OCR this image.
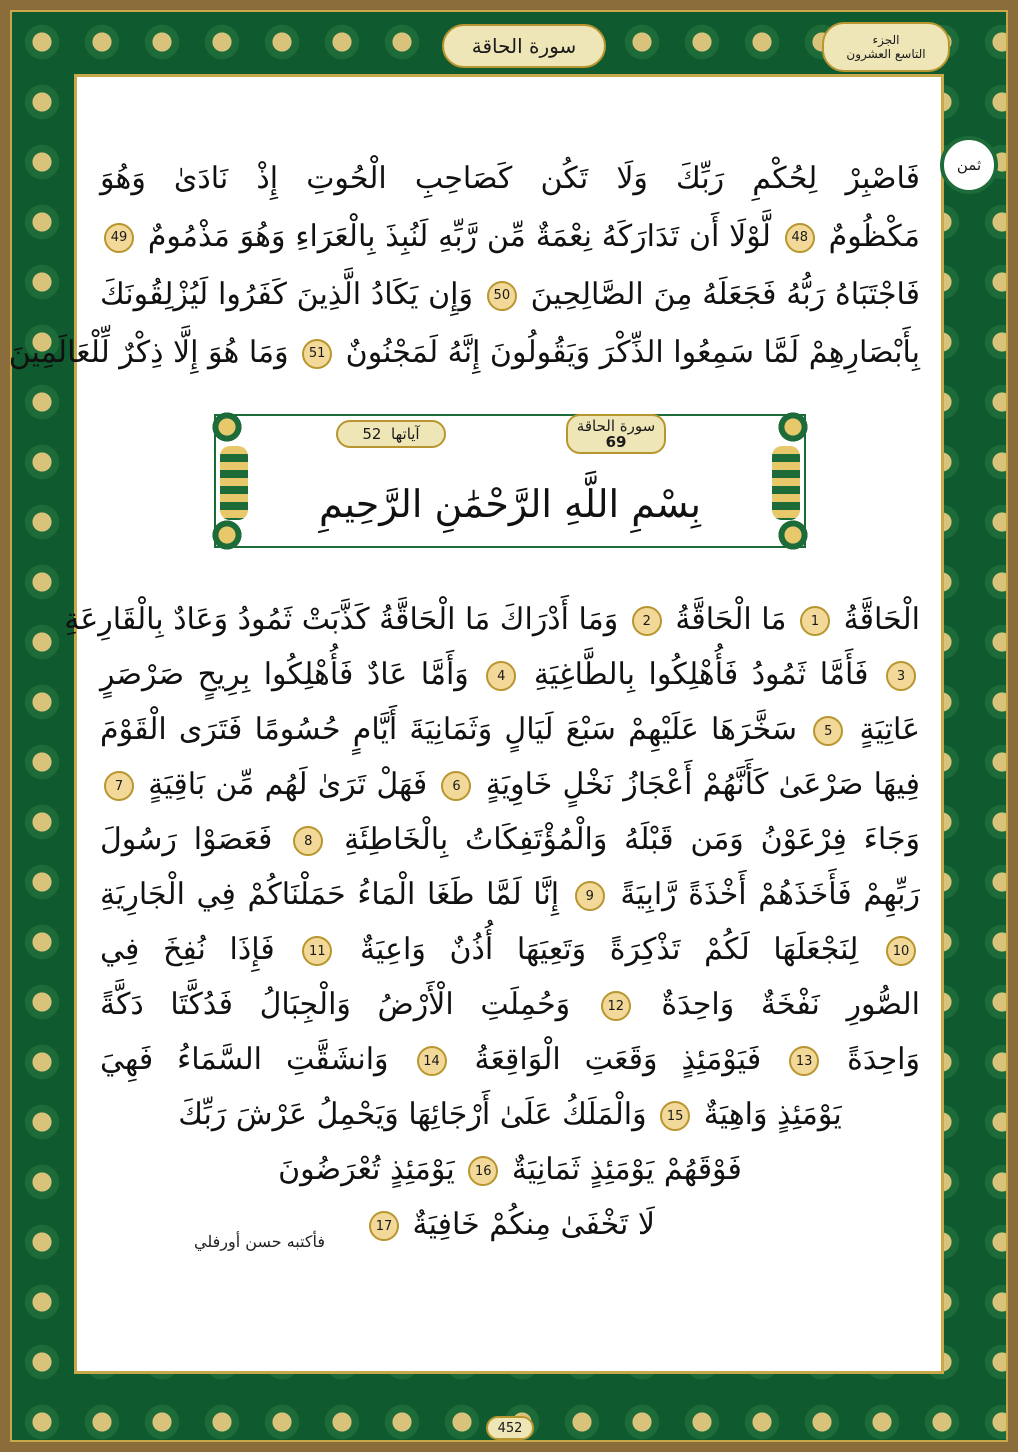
سورة الحاقة	الجزء
التاسع العشرون
ثمن
فَاصْبِرْ لِحُكْمِ رَبِّكَ وَلَا تَكُن كَصَاحِبِ الْحُوتِ إِذْ نَادَىٰ وَهُوَ
مَكْظُومٌ 48 لَّوْلَا أَن تَدَارَكَهُ نِعْمَةٌ مِّن رَّبِّهِ لَنُبِذَ بِالْعَرَاءِ وَهُوَ مَذْمُومٌ 49
فَاجْتَبَاهُ رَبُّهُ فَجَعَلَهُ مِنَ الصَّالِحِينَ 50 وَإِن يَكَادُ الَّذِينَ كَفَرُوا لَيُزْلِقُونَكَ
بِأَبْصَارِهِمْ لَمَّا سَمِعُوا الذِّكْرَ وَيَقُولُونَ إِنَّهُ لَمَجْنُونٌ 51 وَمَا هُوَ إِلَّا ذِكْرٌ لِّلْعَالَمِينَ
سورة الحاقة
69
آياتها

52
بِسْمِ اللَّهِ الرَّحْمَٰنِ الرَّحِيمِ
الْحَاقَّةُ 1 مَا الْحَاقَّةُ 2 وَمَا أَدْرَاكَ مَا الْحَاقَّةُ كَذَّبَتْ ثَمُودُ وَعَادٌ بِالْقَارِعَةِ
3 فَأَمَّا ثَمُودُ فَأُهْلِكُوا بِالطَّاغِيَةِ 4 وَأَمَّا عَادٌ فَأُهْلِكُوا بِرِيحٍ صَرْصَرٍ
عَاتِيَةٍ 5 سَخَّرَهَا عَلَيْهِمْ سَبْعَ لَيَالٍ وَثَمَانِيَةَ أَيَّامٍ حُسُومًا فَتَرَى الْقَوْمَ
فِيهَا صَرْعَىٰ كَأَنَّهُمْ أَعْجَازُ نَخْلٍ خَاوِيَةٍ 6 فَهَلْ تَرَىٰ لَهُم مِّن بَاقِيَةٍ 7
وَجَاءَ فِرْعَوْنُ وَمَن قَبْلَهُ وَالْمُؤْتَفِكَاتُ بِالْخَاطِئَةِ 8 فَعَصَوْا رَسُولَ
رَبِّهِمْ فَأَخَذَهُمْ أَخْذَةً رَّابِيَةً 9 إِنَّا لَمَّا طَغَا الْمَاءُ حَمَلْنَاكُمْ فِي الْجَارِيَةِ
10 لِنَجْعَلَهَا لَكُمْ تَذْكِرَةً وَتَعِيَهَا أُذُنٌ وَاعِيَةٌ 11 فَإِذَا نُفِخَ فِي
الصُّورِ نَفْخَةٌ وَاحِدَةٌ 12 وَحُمِلَتِ الْأَرْضُ وَالْجِبَالُ فَدُكَّتَا دَكَّةً
وَاحِدَةً 13 فَيَوْمَئِذٍ وَقَعَتِ الْوَاقِعَةُ 14 وَانشَقَّتِ السَّمَاءُ فَهِيَ
يَوْمَئِذٍ وَاهِيَةٌ 15 وَالْمَلَكُ عَلَىٰ أَرْجَائِهَا وَيَحْمِلُ عَرْشَ رَبِّكَ
فَوْقَهُمْ يَوْمَئِذٍ ثَمَانِيَةٌ 16 يَوْمَئِذٍ تُعْرَضُونَ
لَا تَخْفَىٰ مِنكُمْ خَافِيَةٌ 17
فأكتبه حسن أورفلي
452
